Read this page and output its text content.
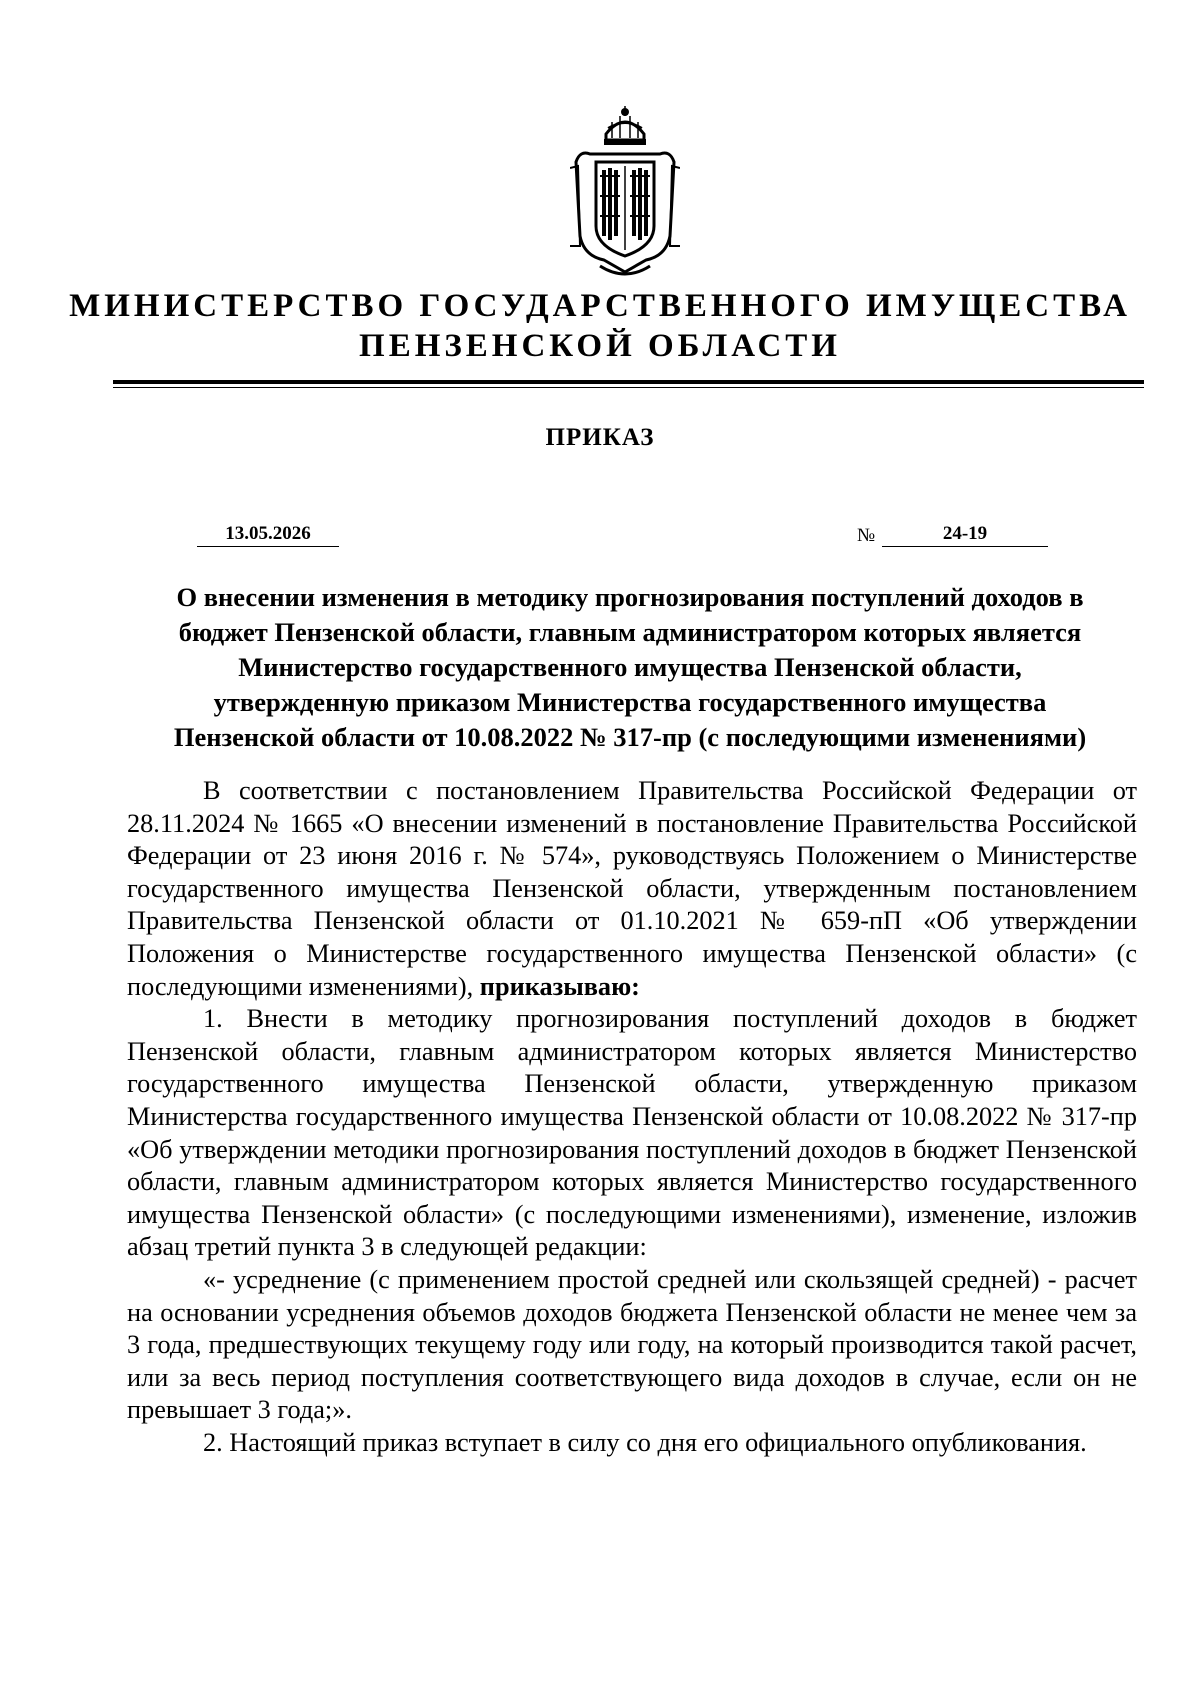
МИНИСТЕРСТВО ГОСУДАРСТВЕННОГО ИМУЩЕСТВА
ПЕНЗЕНСКОЙ ОБЛАСТИ
ПРИКАЗ
13.05.2026	№	24-19
О внесении изменения в методику прогнозирования поступлений доходов в
бюджет Пензенской области, главным администратором которых является
Министерство государственного имущества Пензенской области,
утвержденную приказом Министерства государственного имущества
Пензенской области от 10.08.2022 № 317-пр (с последующими изменениями)

В соответствии с постановлением Правительства Российской Федерации от 28.11.2024 № 1665 «О внесении изменений в постановление Правительства Российской Федерации от 23 июня 2016 г. № 574», руководствуясь Положением о Министерстве государственного имущества Пензенской области, утвержденным постановлением Правительства Пензенской области от 01.10.2021 № 659-пП «Об утверждении Положения о Министерстве государственного имущества Пензенской области» (с последующими изменениями), приказываю:

1. Внести в методику прогнозирования поступлений доходов в бюджет Пензенской области, главным администратором которых является Министерство государственного имущества Пензенской области, утвержденную приказом Министерства государственного имущества Пензенской области от 10.08.2022 № 317-пр «Об утверждении методики прогнозирования поступлений доходов в бюджет Пензенской области, главным администратором которых является Министерство государственного имущества Пензенской области» (с последующими изменениями), изменение, изложив абзац третий пункта 3 в следующей редакции:

«- усреднение (с применением простой средней или скользящей средней) - расчет на основании усреднения объемов доходов бюджета Пензенской области не менее чем за 3 года, предшествующих текущему году или году, на который производится такой расчет, или за весь период поступления соответствующего вида доходов в случае, если он не превышает 3 года;».

2. Настоящий приказ вступает в силу со дня его официального опубликования.
